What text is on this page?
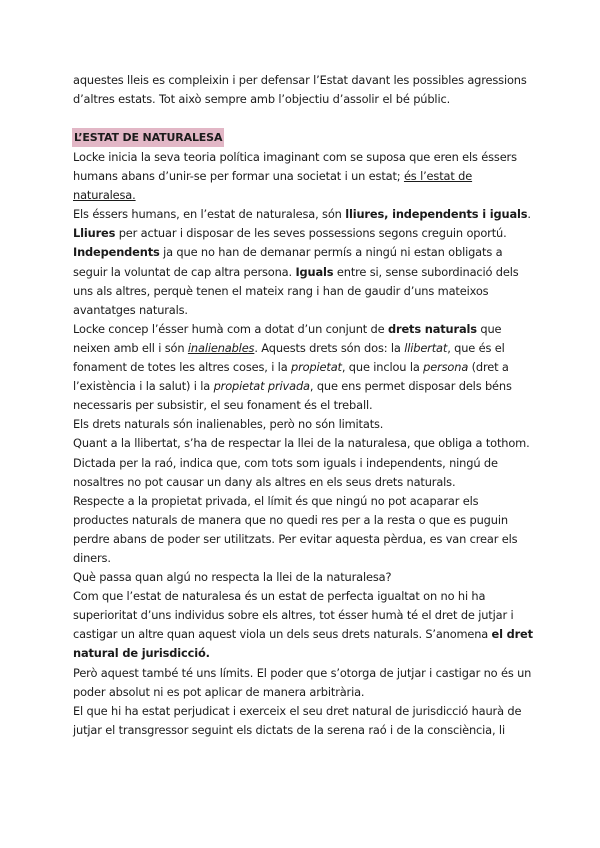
aquestes lleis es compleixin i per defensar l’Estat davant les possibles agressions
d’altres estats. Tot això sempre amb l’objectiu d’assolir el bé públic.
L’ESTAT DE NATURALESA
Locke inicia la seva teoria política imaginant com se suposa que eren els éssers
humans abans d’unir-se per formar una societat i un estat; és l’estat de
naturalesa.
Els éssers humans, en l’estat de naturalesa, són lliures, independents i iguals.
Lliures per actuar i disposar de les seves possessions segons creguin oportú.
Independents ja que no han de demanar permís a ningú ni estan obligats a
seguir la voluntat de cap altra persona. Iguals entre si, sense subordinació dels
uns als altres, perquè tenen el mateix rang i han de gaudir d’uns mateixos
avantatges naturals.
Locke concep l’ésser humà com a dotat d’un conjunt de drets naturals que
neixen amb ell i són inalienables. Aquests drets són dos: la llibertat, que és el
fonament de totes les altres coses, i la propietat, que inclou la persona (dret a
l’existència i la salut) i la propietat privada, que ens permet disposar dels béns
necessaris per subsistir, el seu fonament és el treball.
Els drets naturals són inalienables, però no són limitats.
Quant a la llibertat, s’ha de respectar la llei de la naturalesa, que obliga a tothom.
Dictada per la raó, indica que, com tots som iguals i independents, ningú de
nosaltres no pot causar un dany als altres en els seus drets naturals.
Respecte a la propietat privada, el límit és que ningú no pot acaparar els
productes naturals de manera que no quedi res per a la resta o que es puguin
perdre abans de poder ser utilitzats. Per evitar aquesta pèrdua, es van crear els
diners.
Què passa quan algú no respecta la llei de la naturalesa?
Com que l’estat de naturalesa és un estat de perfecta igualtat on no hi ha
superioritat d’uns individus sobre els altres, tot ésser humà té el dret de jutjar i
castigar un altre quan aquest viola un dels seus drets naturals. S’anomena el dret
natural de jurisdicció.
Però aquest també té uns límits. El poder que s’otorga de jutjar i castigar no és un
poder absolut ni es pot aplicar de manera arbitrària.
El que hi ha estat perjudicat i exerceix el seu dret natural de jurisdicció haurà de
jutjar el transgressor seguint els dictats de la serena raó i de la consciència, li
